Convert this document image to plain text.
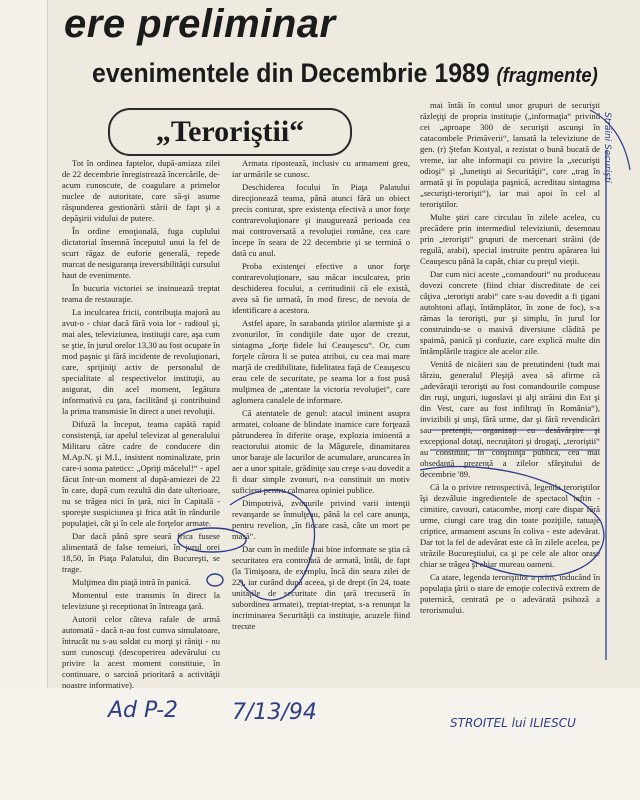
ere preliminar
evenimentele din Decembrie 1989 (fragmente)
„Teroriştii“

Tot în ordinea faptelor, după-amiaza zilei de 22 decembrie înregistrează încercările, de-acum cunoscute, de coagulare a primelor nuclee de autoritate, care să-şi asume răspunderea gestionării stării de fapt şi a depăşirii vidului de putere.

În ordine emoţională, fuga cuplului dictatorial însemnă începutul unui la fel de scurt răgaz de euforie generală, repede marcat de nesiguranţa ireversibilităţii cursului haut de evenimente.

În bucuria victoriei se insinuează treptat teama de restauraţie.

La inculcarea fricii, contribuţia majoră au avut-o - chiar dacă fără voia lor - radioul şi, mai ales, televiziunea, instituţii care, aşa cum se ştie, în jurul orelor 13,30 au fost ocupate în mod paşnic şi fără incidente de revoluţionari, care, sprijiniţi activ de personalul de specialitate al respectivelor instituţii, au asigurat, din acel moment, legătura informativă cu ţara, facilitând şi contribuind la prima transmisie în direct a unei revoluţii.

Difuză la început, teama capătă rapid consistenţă, iar apelul televizat al generalului Militaru către cadre de conducere din M.Ap.N. şi M.I., insistent nominalizate, prin care-i soma pateticc: „Opriţi măcelul!“ - apel făcut într-un moment al după-amiezei de 22 în care, după cum rezultă din date ulterioare, nu se trăgea nici în ţară, nici în Capitală - sporeşte suspiciunea şi frica atât în rândurile populaţiei, cât şi în cele ale forţelor armate.

Dar dacă până spre seară frica fusese alimentată de false temeiuri, în jurul orei 18,50, în Piaţa Palatului, din Bucureşti, se trage.

Mulţimea din piaţă intră în panică.

Momentul este transmis în direct la televiziune şi receptionat în întreaga ţară.

Autorii celor câteva rafale de armă automată - dacă n-au fost cumva simulatoare, întrucât nu s-au soldat cu morţi şi răniţi - nu sunt cunoscuţi (descoperirea adevărului cu privire la acest moment constituie, în continuare, o sarcină prioritară a activităţii noastre informative).

Armata ripostează, inclusiv cu armament greu, iar urmările se cunosc.

Deschiderea focului în Piaţa Palatului direcţionează teama, până atunci fără un obiect precis conturat, spre existenţa efectivă a unor forţe contrarevoluţionare şi inaugurează perioada cea mai controversată a revoluţiei române, cea care începe în seara de 22 decembrie şi se termină o dată cu anul.

Proba existenţei efective a unor forţe contrarevoluţionare, sau măcar inculcarea, prin deschiderea focului, a certitudinii că ele există, avea să fie urmată, în mod firesc, de nevoia de identificare a acestora.

Astfel apare, în sarabanda ştirilor alarmiste şi a zvonurilor, în condiţiile date uşor de crezut, sintagma „forţe fidele lui Ceauşescu“. Or, cum forţele cărora li se putea atribui, cu cea mai mare marjă de credibilitate, fidelitatea faţă de Ceauşescu erau cele de securitate, pe seama lor a fost pusă mulţimea de „atentate la victoria revoluţiei“, care aglomera canalele de informare.

Că atentatele de genul: atacul iminent asupra armatei, coloane de blindate inamice care forţează pătrunderea în diferite oraşe, explozia iminentă a reactorului atomic de la Măgurele, dinamitarea unor baraje ale lacurilor de acumulare, aruncarea în aer a unor spitale, grădiniţe sau creşe s-au dovedit a fi doar simple zvonuri, n-a constituit un motiv suficient pentru calmarea opiniei publice.

Dimpotrivă, zvonurile privind varii intenţii revanşarde se înmulţeau, până la cel care anunţa, pentru revelion, „în fiecare casă, câte un mort pe masă“.

Dar cum în mediile mai bine informate se ştia că securitatea era controlată de armată, întâi, de fapt (la Timişoara, de exemplu, încă din seara zilei de 22), iar curând după aceea, şi de drept (în 24, toate unităţile de securitate din ţară trecuseră în subordinea armatei), treptat-treptat, s-a renunţat la incriminarea Securităţii ca instituţie, acuzele fiind trecute

mai întâi în contul unor grupuri de securişti răzleţiţi de propria instituţie („informaţia“ privind cei „aproape 300 de securişti ascunşi în catacombele Primăverii“, lansată la televiziune de gen. (r) Ştefan Kostyal, a rezistat o bună bucată de vreme, iar alte informaţii cu privire la „securişti odioşi“ şi „lunetişti ai Securităţii“, care „trag în armată şi în populaţia paşnică, acreditau sintagma „securişti-terorişti“), iar mai apoi în cel al teroriştilor.

Multe ştiri care circulau în zilele acelea, cu precădere prin intermediul televiziunii, desemnau prin „terorişti“ grupuri de mercenari străini (de regulă, arabi), special instruite pentru apărarea lui Ceauşescu până la capăt, chiar cu preţul vieţii.

Dar cum nici aceste „comandouri“ nu produceau dovezi concrete (fiind chiar discreditate de cei câţiva „terorişti arabi“ care s-au dovedit a fi ţigani autohtoni aflaţi, întâmplător, în zone de foc), s-a rămas la terorişti, pur şi simplu, în jurul lor construindu-se o masivă diversiune clădită pe spaimă, panică şi confuzie, care explică multe din întâmplările tragice ale acelor zile.

Venită de nicăieri sau de pretutindeni (tudt mai târziu, generalul Pleşiţă avea să afirme că „adevăraţii terorişti au fost comandourile compuse din ruşi, unguri, iugoslavi şi alţi străini din Est şi din Vest, care au fost infiltraţi în România“), invizibili şi unşi, fără urme, dar şi fără revendicări sau pretenţii, organizaţi cu desăvârşire şi excepţional dotaţi, necruţători şi drogaţi, „teroriştii“ au constituit, în conştiinţa publică, cea mai obsedantă prezenţă a zilelor sfârşitului de decembrie '89.

Că la o privire retrospectivă, legenda teroriştilor îşi dezvăluie ingredientele de spectacol ieftin - cimitire, cavouri, catacombe, morţi care dispar fără urme, ciungi care trag din toate poziţiile, tatuaje criptice, armament ascuns în coliva - este adevărat. Dar tot la fel de adevărat este că în zilele acelea, pe străzile Bucureştiului, ca şi pe cele ale altor oraşe chiar se trăgea şi chiar mureau oameni.

Ca atare, legenda teroriştilor a prins, inducând în populaţia ţării o stare de emoţie colectivă extrem de puternică, centrată pe o adevărată psihoză a terorismului.

Ad P-2 7/13/94	STROITEL lui ILIESCU
Străini Securişti
